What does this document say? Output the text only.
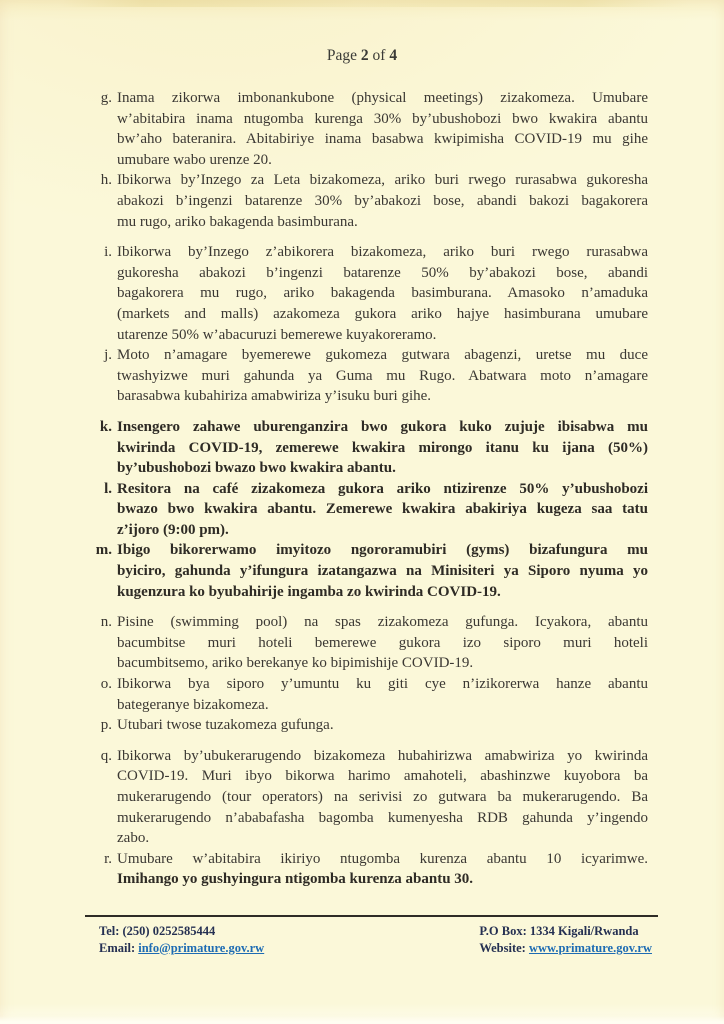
Page 2 of 4
g. Inama zikorwa imbonankubone (physical meetings) zizakomeza. Umubare
w’abitabira inama ntugomba kurenga 30% by’ubushobozi bwo kwakira abantu
bw’aho bateranira. Abitabiriye inama basabwa kwipimisha COVID-19 mu gihe
umubare wabo urenze 20.
h. Ibikorwa by’Inzego za Leta bizakomeza, ariko buri rwego rurasabwa gukoresha
abakozi b’ingenzi batarenze 30% by’abakozi bose, abandi bakozi bagakorera
mu rugo, ariko bakagenda basimburana.
i. Ibikorwa by’Inzego z’abikorera bizakomeza, ariko buri rwego rurasabwa
gukoresha abakozi b’ingenzi batarenze 50% by’abakozi bose, abandi
bagakorera mu rugo, ariko bakagenda basimburana. Amasoko n’amaduka
(markets and malls) azakomeza gukora ariko hajye hasimburana umubare
utarenze 50% w’abacuruzi bemerewe kuyakoreramo.
j. Moto n’amagare byemerewe gukomeza gutwara abagenzi, uretse mu duce
twashyizwe muri gahunda ya Guma mu Rugo. Abatwara moto n’amagare
barasabwa kubahiriza amabwiriza y’isuku buri gihe.
k. Insengero zahawe uburenganzira bwo gukora kuko zujuje ibisabwa mu
kwirinda COVID-19, zemerewe kwakira mirongo itanu ku ijana (50%)
by’ubushobozi bwazo bwo kwakira abantu.
l. Resitora na café zizakomeza gukora ariko ntizirenze 50% y’ubushobozi
bwazo bwo kwakira abantu. Zemerewe kwakira abakiriya kugeza saa tatu
z’ijoro (9:00 pm).
m. Ibigo bikorerwamo imyitozo ngororamubiri (gyms) bizafungura mu
byiciro, gahunda y’ifungura izatangazwa na Minisiteri ya Siporo nyuma yo
kugenzura ko byubahirije ingamba zo kwirinda COVID-19.
n. Pisine (swimming pool) na spas zizakomeza gufunga. Icyakora, abantu
bacumbitse muri hoteli bemerewe gukora izo siporo muri hoteli
bacumbitsemo, ariko berekanye ko bipimishije COVID-19.
o. Ibikorwa bya siporo y’umuntu ku giti cye n’izikorerwa hanze abantu
bategeranye bizakomeza.
p. Utubari twose tuzakomeza gufunga.
q. Ibikorwa by’ubukerarugendo bizakomeza hubahirizwa amabwiriza yo kwirinda
COVID-19. Muri ibyo bikorwa harimo amahoteli, abashinzwe kuyobora ba
mukerarugendo (tour operators) na serivisi zo gutwara ba mukerarugendo. Ba
mukerarugendo n’ababafasha bagomba kumenyesha RDB gahunda y’ingendo
zabo.
r. Umubare w’abitabira ikiriyo ntugomba kurenza abantu 10 icyarimwe.
Imihango yo gushyingura ntigomba kurenza abantu 30.
Tel: (250) 0252585444
Email: info@primature.gov.rw
P.O Box: 1334 Kigali/Rwanda
Website: www.primature.gov.rw
